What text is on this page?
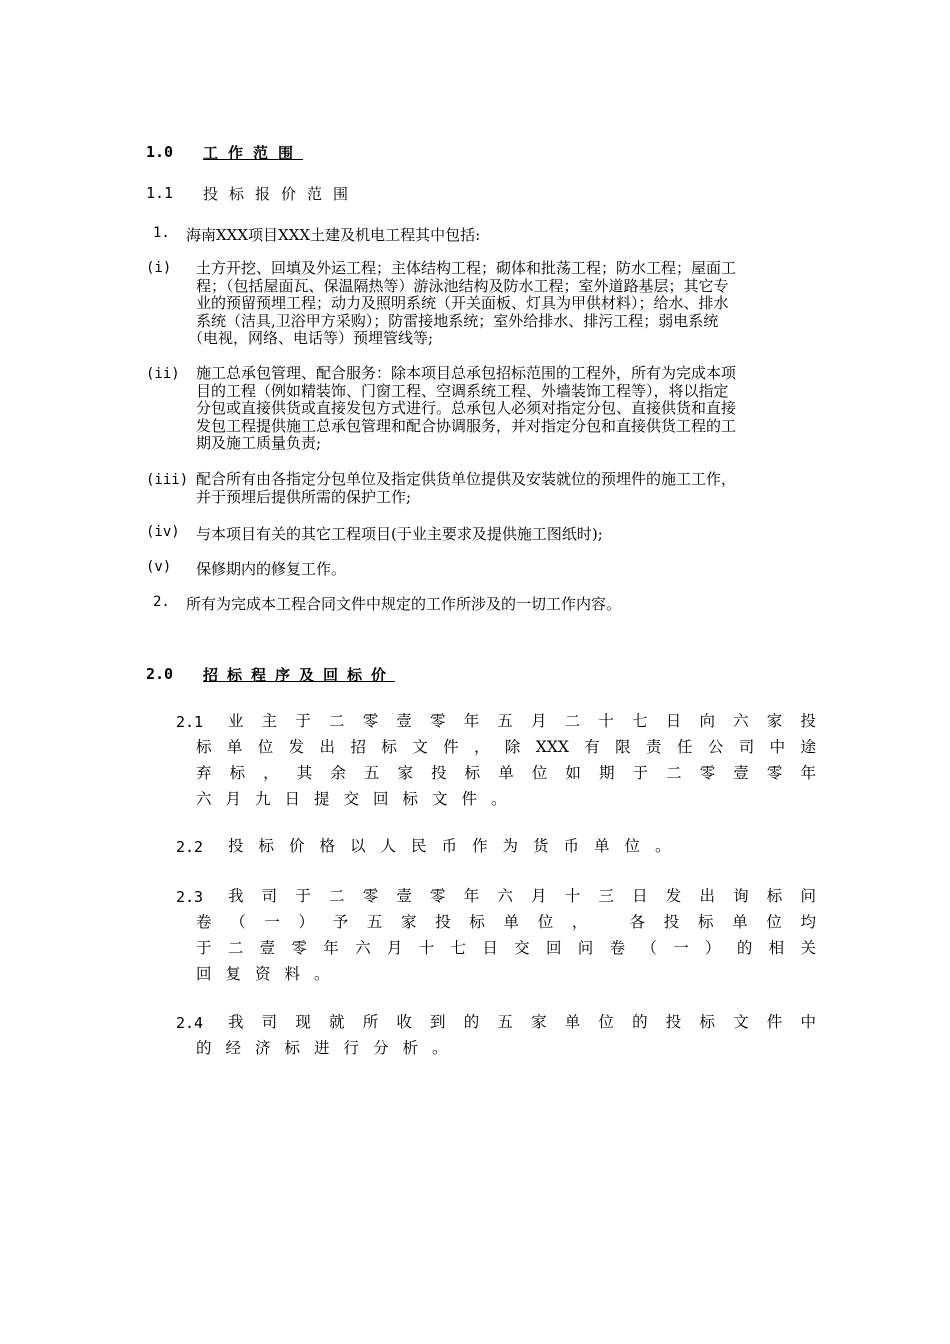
1.0 工作范围
1.1 投标报价范围
1. 海南XXX项目XXX土建及机电工程其中包括:
(i) 土方开挖、回填及外运工程；主体结构工程；砌体和批荡工程；防水工程；屋面工
程；（包括屋面瓦、保温隔热等）游泳池结构及防水工程；室外道路基层；其它专
业的预留预埋工程；动力及照明系统（开关面板、灯具为甲供材料）；给水、排水
系统（洁具,卫浴甲方采购）；防雷接地系统；室外给排水、排污工程；弱电系统
（电视，网络、电话等）预埋管线等;
(ii) 施工总承包管理、配合服务：除本项目总承包招标范围的工程外，所有为完成本项
目的工程（例如精装饰、门窗工程、空调系统工程、外墙装饰工程等），将以指定
分包或直接供货或直接发包方式进行。总承包人必须对指定分包、直接供货和直接
发包工程提供施工总承包管理和配合协调服务，并对指定分包和直接供货工程的工
期及施工质量负责;
(iii) 配合所有由各指定分包单位及指定供货单位提供及安装就位的预埋件的施工工作，
并于预埋后提供所需的保护工作;
(iv) 与本项目有关的其它工程项目(于业主要求及提供施工图纸时);
(v) 保修期内的修复工作。
2. 所有为完成本工程合同文件中规定的工作所涉及的一切工作内容。
2.0 招标程序及回标价
2.1 业主于二零壹零年五月二十七日向六家投
标单位发出招标文件，除XXX有限责任公司中途
弃标，其余五家投标单位如期于二零壹零年
六月九日提交回标文件。
2.2 投标价格以人民币作为货币单位。
2.3 我司于二零壹零年六月十三日发出询标问
卷（一）予五家投标单位， 各投标单位均
于二壹零年六月十七日交回问卷（一）的相关
回复资料。
2.4 我司现就所收到的五家单位的投标文件中
的经济标进行分析。
